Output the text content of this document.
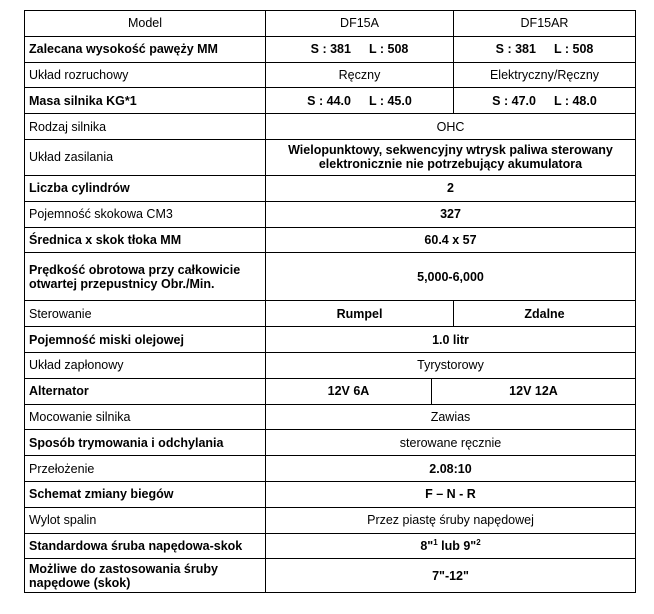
Model	DF15A		DF15AR
Zalecana wysokość pawęży MM	S : 381 L : 508		S : 381 L : 508
Układ rozruchowy	Ręczny		Elektryczny/Ręczny
Masa silnika KG*1	S : 44.0 L : 45.0		S : 47.0 L : 48.0
Rodzaj silnika	OHC		
Układ zasilania	Wielopunktowy, sekwencyjny wtrysk paliwa sterowany elektronicznie nie potrzebujący akumulatora		
Liczba cylindrów	2		
Pojemność skokowa CM3	327		
Średnica x skok tłoka MM	60.4 x 57		
Prędkość obrotowa przy całkowicie otwartej przepustnicy Obr./Min.	5,000-6,000		
Sterowanie	Rumpel		Zdalne
Pojemność miski olejowej	1.0 litr		
Układ zapłonowy	Tyrystorowy		
Alternator	12V 6A	12V 12A	
Mocowanie silnika	Zawias		
Sposób trymowania i odchylania	sterowane ręcznie		
Przełożenie	2.08:10		
Schemat zmiany biegów	F – N - R		
Wylot spalin	Przez piastę śruby napędowej		
Standardowa śruba napędowa-skok	8"$^1$ lub 9"$^2$
Możliwe do zastosowania śruby napędowe (skok)	7"-12"		
